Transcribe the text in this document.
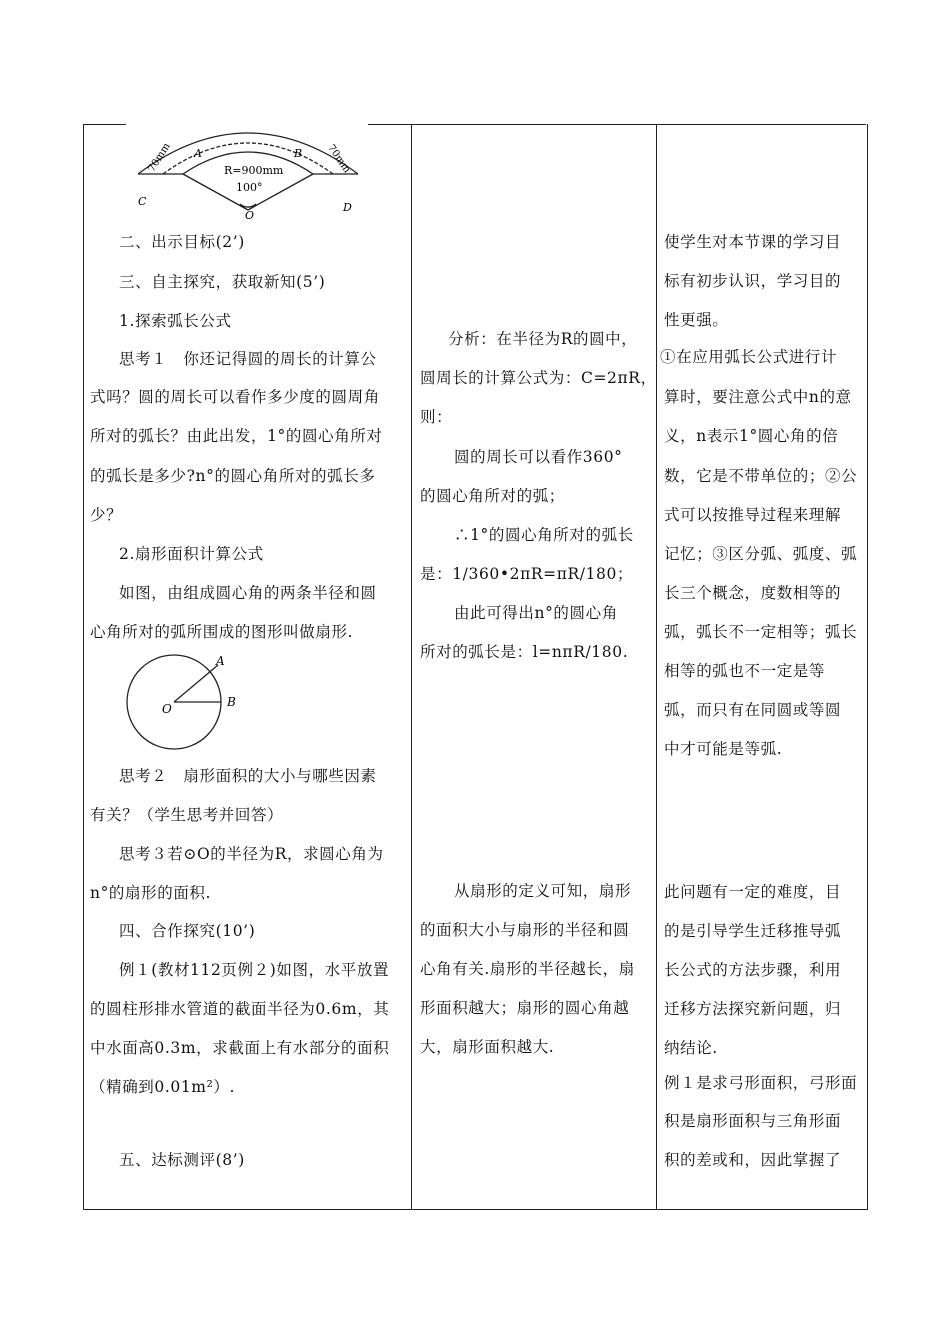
70mm	70mm
A	B
R=900mm
100°
C
O
D
A
B
O
二、出示目标(2’)
三、自主探究，获取新知(5’)
1.探索弧长公式
思考１　你还记得圆的周长的计算公
式吗？圆的周长可以看作多少度的圆周角
所对的弧长？由此出发，1°的圆心角所对
的弧长是多少?n°的圆心角所对的弧长多
少？
2.扇形面积计算公式
如图，由组成圆心角的两条半径和圆
心角所对的弧所围成的图形叫做扇形.
思考２　扇形面积的大小与哪些因素
有关？（学生思考并回答）
思考３若⊙O的半径为R，求圆心角为
n°的扇形的面积.
四、合作探究(10’)
例１(教材112页例２)如图，水平放置
的圆柱形排水管道的截面半径为0.6m，其
中水面高0.3m，求截面上有水部分的面积
（精确到0.01m²）.
五、达标测评(8’)
分析：在半径为R的圆中，
圆周长的计算公式为：C=2πR，
则：
圆的周长可以看作360°
的圆心角所对的弧；
∴1°的圆心角所对的弧长
是：1/360•2πR=πR/180；
由此可得出n°的圆心角
所对的弧长是：l=nπR/180.
从扇形的定义可知，扇形
的面积大小与扇形的半径和圆
心角有关.扇形的半径越长，扇
形面积越大；扇形的圆心角越
大，扇形面积越大.
使学生对本节课的学习目
标有初步认识，学习目的
性更强。
①在应用弧长公式进行计
算时，要注意公式中n的意
义，n表示1°圆心角的倍
数，它是不带单位的；②公
式可以按推导过程来理解
记忆；③区分弧、弧度、弧
长三个概念，度数相等的
弧，弧长不一定相等；弧长
相等的弧也不一定是等
弧，而只有在同圆或等圆
中才可能是等弧.
此问题有一定的难度，目
的是引导学生迁移推导弧
长公式的方法步骤，利用
迁移方法探究新问题，归
纳结论.
例１是求弓形面积，弓形面
积是扇形面积与三角形面
积的差或和，因此掌握了
